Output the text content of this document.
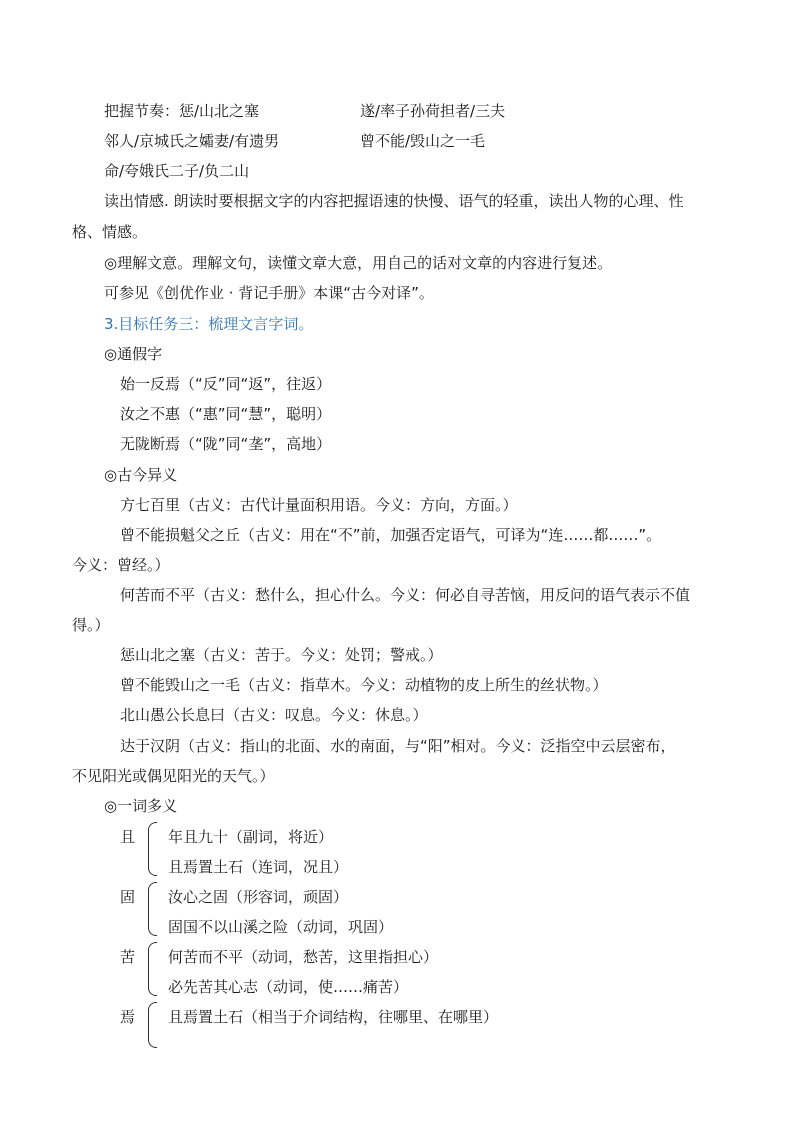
把握节奏：惩/山北之塞	遂/率子孙荷担者/三夫
邻人/京城氏之孀妻/有遗男	曾不能/毁山之一毛
命/夸娥氏二子/负二山
读出情感. 朗读时要根据文字的内容把握语速的快慢、语气的轻重，读出人物的心理、性
格、情感。
◎理解文意。理解文句，读懂文章大意，用自己的话对文章的内容进行复述。
可参见《创优作业 · 背记手册》本课“古今对译”。
3.目标任务三：梳理文言字词。
◎通假字
始一反焉（“反”同“返”，往返）
汝之不惠（“惠”同“慧”，聪明）
无陇断焉（“陇”同“垄”，高地）
◎古今异义
方七百里（古义：古代计量面积用语。今义：方向，方面。）
曾不能损魁父之丘（古义：用在“不”前，加强否定语气，可译为“连……都……”。
今义：曾经。）
何苦而不平（古义：愁什么，担心什么。今义：何必自寻苦恼，用反问的语气表示不值
得。）
惩山北之塞（古义：苦于。今义：处罚；警戒。）
曾不能毁山之一毛（古义：指草木。今义：动植物的皮上所生的丝状物。）
北山愚公长息曰（古义：叹息。今义：休息。）
达于汉阴（古义：指山的北面、水的南面，与“阳”相对。今义：泛指空中云层密布，
不见阳光或偶见阳光的天气。）
◎一词多义
且 年且九十（副词，将近）
且焉置土石（连词，况且）
固 汝心之固（形容词，顽固）
固国不以山溪之险（动词，巩固）
苦 何苦而不平（动词，愁苦，这里指担心）
必先苦其心志（动词，使……痛苦）
焉 且焉置土石（相当于介词结构，往哪里、在哪里）
